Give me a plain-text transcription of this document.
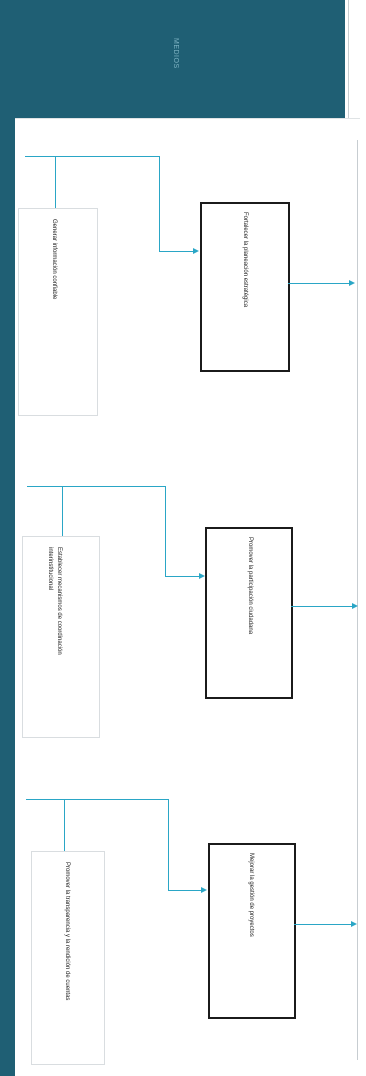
MEDIOS
Generar información confiable	Fortalecer la planeación estratégica
Establecer mecanismos de coordinación
interinstitucional	Promover la participación ciudadana
Promover la transparencia y la rendición de cuentas	Mejorar la gestión de proyectos
